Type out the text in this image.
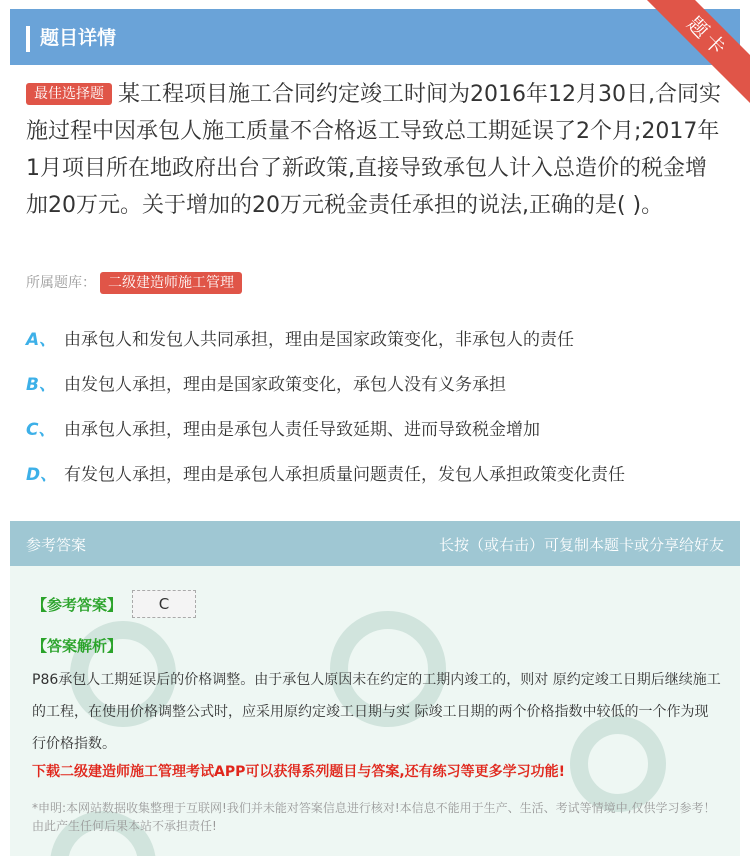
题目详情	题卡
最佳选择题 某工程项目施工合同约定竣工时间为2016年12月30日,合同实施过程中因承包人施工质量不合格返工导致总工期延误了2个月;2017年1月项目所在地政府出台了新政策,直接导致承包人计入总造价的税金增加20万元。关于增加的20万元税金责任承担的说法,正确的是( )。
所属题库： 二级建造师施工管理
A、 由承包人和发包人共同承担，理由是国家政策变化，非承包人的责任
B、 由发包人承担，理由是国家政策变化，承包人没有义务承担
C、 由承包人承担，理由是承包人责任导致延期、进而导致税金增加
D、 有发包人承担，理由是承包人承担质量问题责任，发包人承担政策变化责任
参考答案	长按（或右击）可复制本题卡或分享给好友
【参考答案】	C
【答案解析】
P86承包人工期延误后的价格调整。由于承包人原因未在约定的工期内竣工的，则对 原约定竣工日期后继续施工的工程，在使用价格调整公式时，应采用原约定竣工日期与实 际竣工日期的两个价格指数中较低的一个作为现行价格指数。
下载二级建造师施工管理考试APP可以获得系列题目与答案,还有练习等更多学习功能!
*申明:本网站数据收集整理于互联网!我们并未能对答案信息进行核对!本信息不能用于生产、生活、考试等情境中,仅供学习参考！由此产生任何后果本站不承担责任!
